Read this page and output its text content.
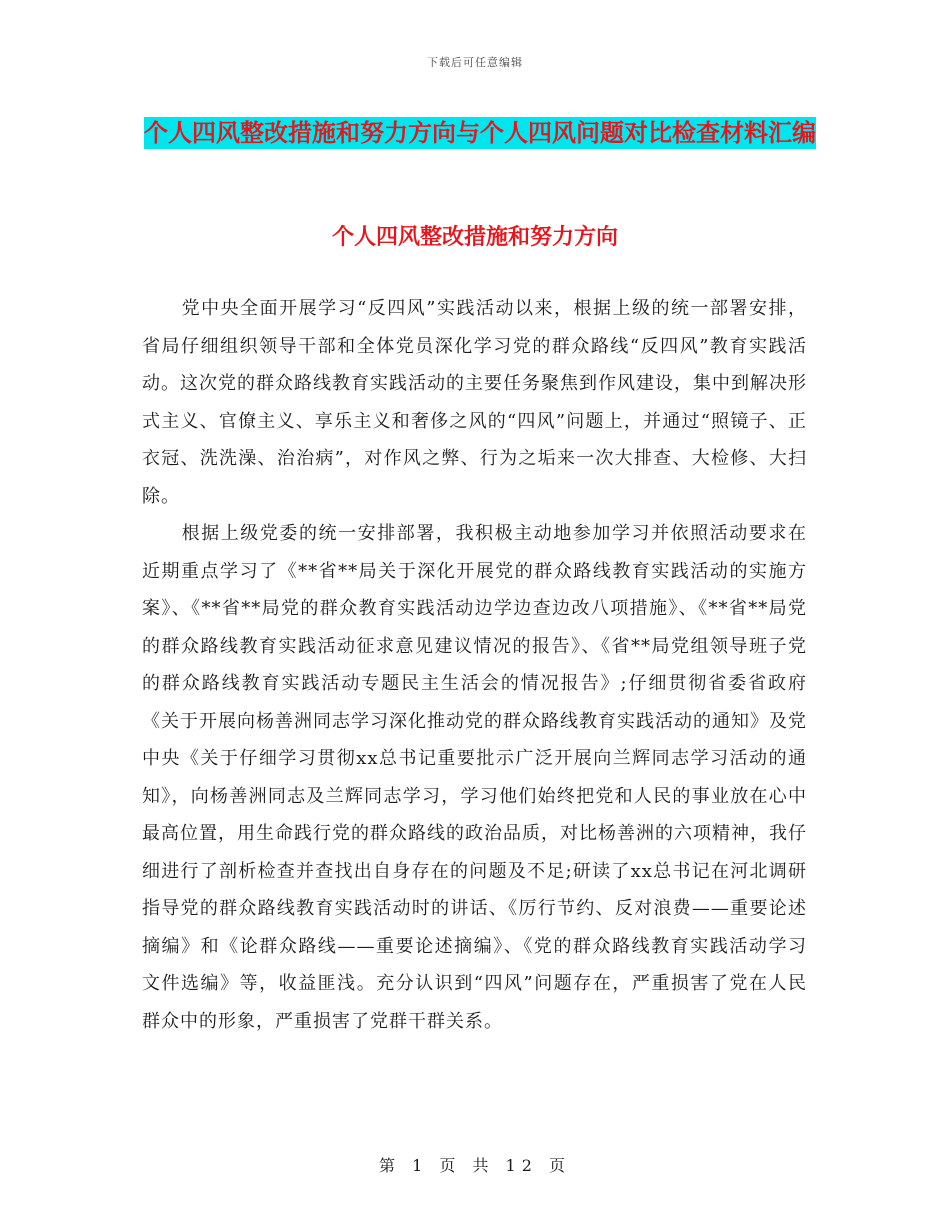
下载后可任意编辑
个人四风整改措施和努力方向与个人四风问题对比检查材料汇编
个人四风整改措施和努力方向

党中央全面开展学习“反四风”实践活动以来，根据上级的统一部署安排，省局仔细组织领导干部和全体党员深化学习党的群众路线“反四风”教育实践活动。这次党的群众路线教育实践活动的主要任务聚焦到作风建设，集中到解决形式主义、官僚主义、享乐主义和奢侈之风的“四风”问题上，并通过“照镜子、正衣冠、洗洗澡、治治病”，对作风之弊、行为之垢来一次大排查、大检修、大扫除。

根据上级党委的统一安排部署，我积极主动地参加学习并依照活动要求在近期重点学习了《**省**局关于深化开展党的群众路线教育实践活动的实施方案》、《**省**局党的群众教育实践活动边学边查边改八项措施》、《**省**局党的群众路线教育实践活动征求意见建议情况的报告》、《省**局党组领导班子党的群众路线教育实践活动专题民主生活会的情况报告》;仔细贯彻省委省政府《关于开展向杨善洲同志学习深化推动党的群众路线教育实践活动的通知》及党中央《关于仔细学习贯彻xx总书记重要批示广泛开展向兰辉同志学习活动的通知》，向杨善洲同志及兰辉同志学习，学习他们始终把党和人民的事业放在心中最高位置，用生命践行党的群众路线的政治品质，对比杨善洲的六项精神，我仔细进行了剖析检查并查找出自身存在的问题及不足;研读了xx总书记在河北调研指导党的群众路线教育实践活动时的讲话、《厉行节约、反对浪费——重要论述摘编》和《论群众路线——重要论述摘编》、《党的群众路线教育实践活动学习文件选编》等，收益匪浅。充分认识到“四风”问题存在，严重损害了党在人民群众中的形象，严重损害了党群干群关系。

第 1 页 共 12 页
